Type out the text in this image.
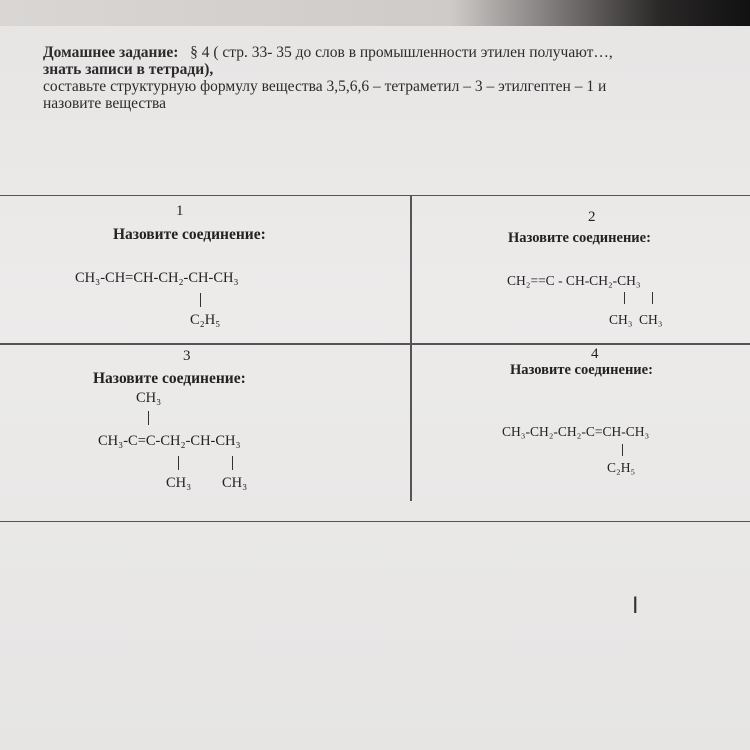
Домашнее задание: § 4 ( стр. 33- 35 до слов в промышленности этилен получают…,
знать записи в тетради),
составьте структурную формулу вещества 3,5,6,6 – тетраметил – 3 – этилгептен – 1 и
назовите вещества
1
Назовите соединение:
CH₃-CH=CH-CH₂-CH-CH₃
C₂H₅
2
Назовите соединение:
CH₂==C - CH-CH₂-CH₃
CH₃ CH₃
3
Назовите соединение:
CH₃
CH₃-C=C-CH₂-CH-CH₃
CH₃ CH₃
4
Назовите соединение:
CH₃-CH₂-CH₂-C=CH-CH₃
C₂H₅
I
